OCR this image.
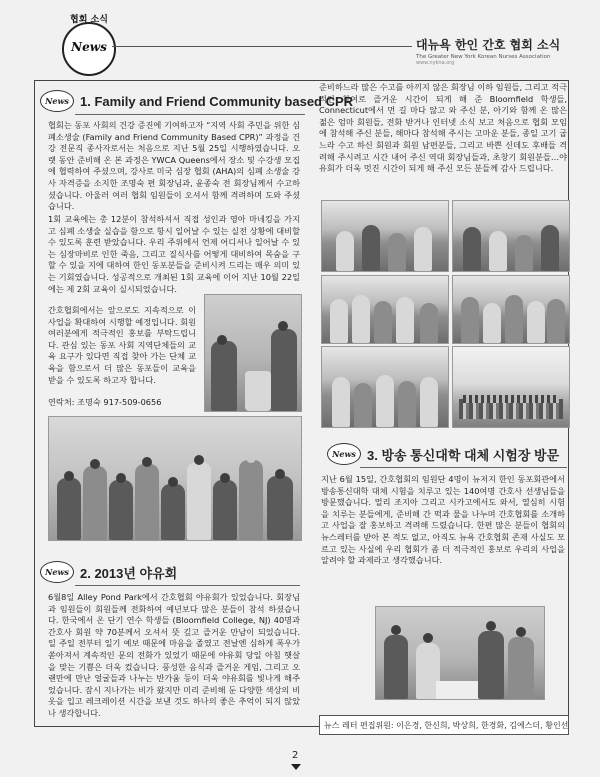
협회 소식
News	대뉴욕 한인 간호 협회 소식
The Greater New York Korean Nurses Association
www.nykna.org
News 1. Family and Friend Community based CPR

협회는 동포 사회의 건강 증진에 기여하고자 “지역 사회 주민을 위한 심폐소생술 (Family and Friend Community Based CPR)” 과정을 건강 전문직 종사자로서는 처음으로 지난 5월 25일 시행하였습니다. 오랫 동안 준비해 온 본 과정은 YWCA Queens에서 장소 및 수강생 모집에 협력하여 주셨으며, 강사로 미국 심장 협회 (AHA)의 심폐 소생술 강사 자격증을 소지한 조명숙 편 회장님과, 윤종숙 전 회장님께서 수고하셨습니다. 아울러 여러 협회 임원들이 오셔서 함께 격려하며 도와 주셨습니다.

1회 교육에는 총 12분이 참석하셔서 직접 성인과 영아 마네킹을 가지고 심폐 소생술 실습을 함으로 항시 일어날 수 있는 실전 상황에 대비할 수 있도록 훈련 받았습니다. 우리 주위에서 언제 어디서나 일어날 수 있는 심장마비로 인한 죽음, 그리고 질식사를 어떻게 대비하여 목숨을 구할 수 있을 지에 대하여 한인 동포분들을 준비시켜 드리는 매우 의미 있는 기회였습니다. 성공적으로 개최된 1회 교육에 이어 지난 10월 22일에는 제 2회 교육이 실시되었습니다.

간호협회에서는 앞으로도 지속적으로 이 사업을 확대하여 시행할 예정입니다. 회원 여러분에게 적극적인 홍보를 부탁드립니다. 관심 있는 동포 사회 지역단체들의 교육 요구가 있다면 직접 찾아 가는 단체 교육을 함으로서 더 많은 동포들이 교육을 받을 수 있도록 하고자 합니다.

연락처: 조명숙 917-509-0656

News 2. 2013년 야유회

6월8일 Alley Pond Park에서 간호협회 야유회가 있었습니다. 회장님과 임원들이 회원들께 전화하여 예년보다 많은 분들이 참석 하셨습니다. 한국에서 온 단기 연수 학생들 (Bloomfield College, NJ) 40명과 간호사 회원 약 70분께서 오셔서 뜻 깊고 즐거운 만남이 되었습니다. 일 주일 전부터 일기 예보 때문에 마음을 졸였고 전날엔 심하게 폭우가 쏟아져서 계속적인 문의 전화가 있었기 때문에 야유회 당일 아침 햇살을 맞는 기쁨은 더욱 컸습니다. 풍성한 음식과 즐거운 게임, 그리고 오랜만에 만난 얼굴들과 나누는 반가움 등이 더욱 야유회를 빛나게 해주었습니다. 잠시 지나가는 비가 왔지만 미리 준비해 둔 다양한 색상의 비옷을 입고 레크레이션 시간을 보낸 것도 하나의 좋은 추억이 되지 않았나 생각합니다.

준비하느라 많은 수고를 아끼지 않은 회장님 이하 임원들, 그리고 적극적인 참여로 즐거운 시간이 되게 해 준 Bloomfield 학생들, Connecticut에서 먼 길 마다 않고 와 주신 분, 아기와 함께 온 많은 젊은 엄마 회원들, 전화 받거나 인터넷 소식 보고 처음으로 협회 모임에 참석해 주신 분들, 해마다 참석해 주시는 고마운 분들, 종일 고기 굽느라 수고 하신 회원과 회원 남편분들, 그리고 바쁜 신데도 후배들 격려해 주시려고 시간 내어 주신 역대 회장님들과, 초창기 회원분들…야유회가 더욱 멋진 시간이 되게 해 주신 모든 분들께 감사 드립니다.

News 3. 방송 통신대학 대체 시험장 방문

지난 6월 15일, 간호협회의 임원단 4명이 뉴저지 한인 동포회관에서 방송통신대학 대체 시험을 치루고 있는 140여명 간호사 선생님들을 방문했습니다. 멀리 조지아 그리고 시카고에서도 와서, 열심히 시험을 치루는 분들에게, 준비해 간 떡과 물을 나누며 간호협회를 소개하고 사업을 잘 홍보하고 격려해 드렸습니다. 한편 많은 분들이 협회의 뉴스레터를 받아 본 적도 없고, 아직도 뉴욕 간호협회 존재 사실도 모르고 있는 사실에 우리 협회가 좀 더 적극적인 홍보로 우리의 사업을 알려야 할 과제라고 생각했습니다.

뉴스 레터 편집위원: 이은경, 한신희, 박상희, 한경화, 김에스더, 황인선
2
